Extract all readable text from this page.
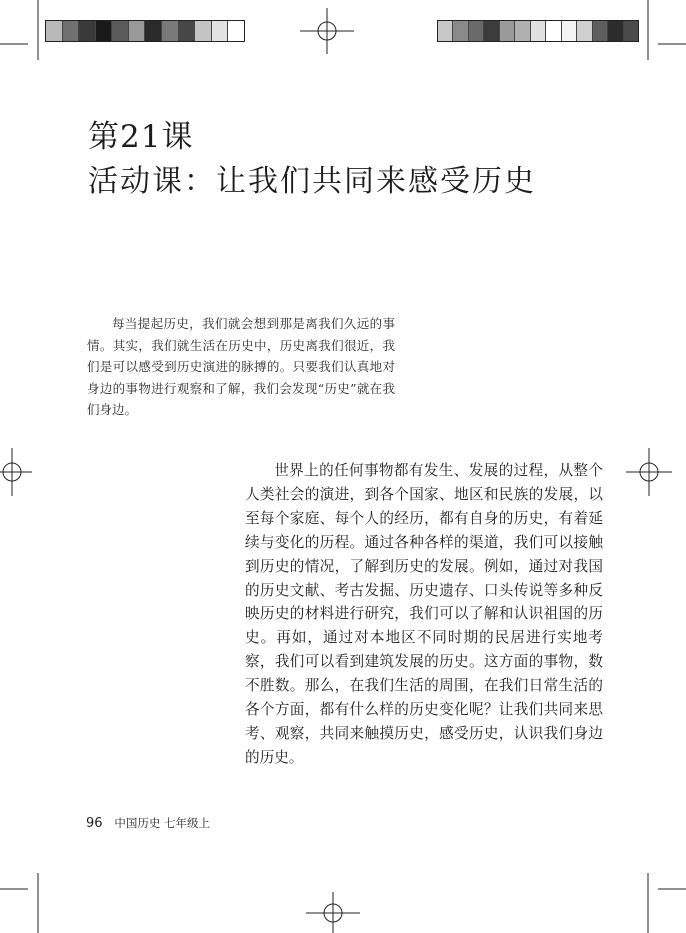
第21课
活动课：让我们共同来感受历史

每当提起历史，我们就会想到那是离我们久远的事情。其实，我们就生活在历史中，历史离我们很近，我们是可以感受到历史演进的脉搏的。只要我们认真地对身边的事物进行观察和了解，我们会发现“历史”就在我们身边。

世界上的任何事物都有发生、发展的过程，从整个人类社会的演进，到各个国家、地区和民族的发展，以至每个家庭、每个人的经历，都有自身的历史，有着延续与变化的历程。通过各种各样的渠道，我们可以接触到历史的情况，了解到历史的发展。例如，通过对我国的历史文献、考古发掘、历史遗存、口头传说等多种反映历史的材料进行研究，我们可以了解和认识祖国的历史。再如，通过对本地区不同时期的民居进行实地考察，我们可以看到建筑发展的历史。这方面的事物，数不胜数。那么，在我们生活的周围，在我们日常生活的各个方面，都有什么样的历史变化呢？让我们共同来思考、观察，共同来触摸历史，感受历史，认识我们身边的历史。

96 中国历史 七年级上
